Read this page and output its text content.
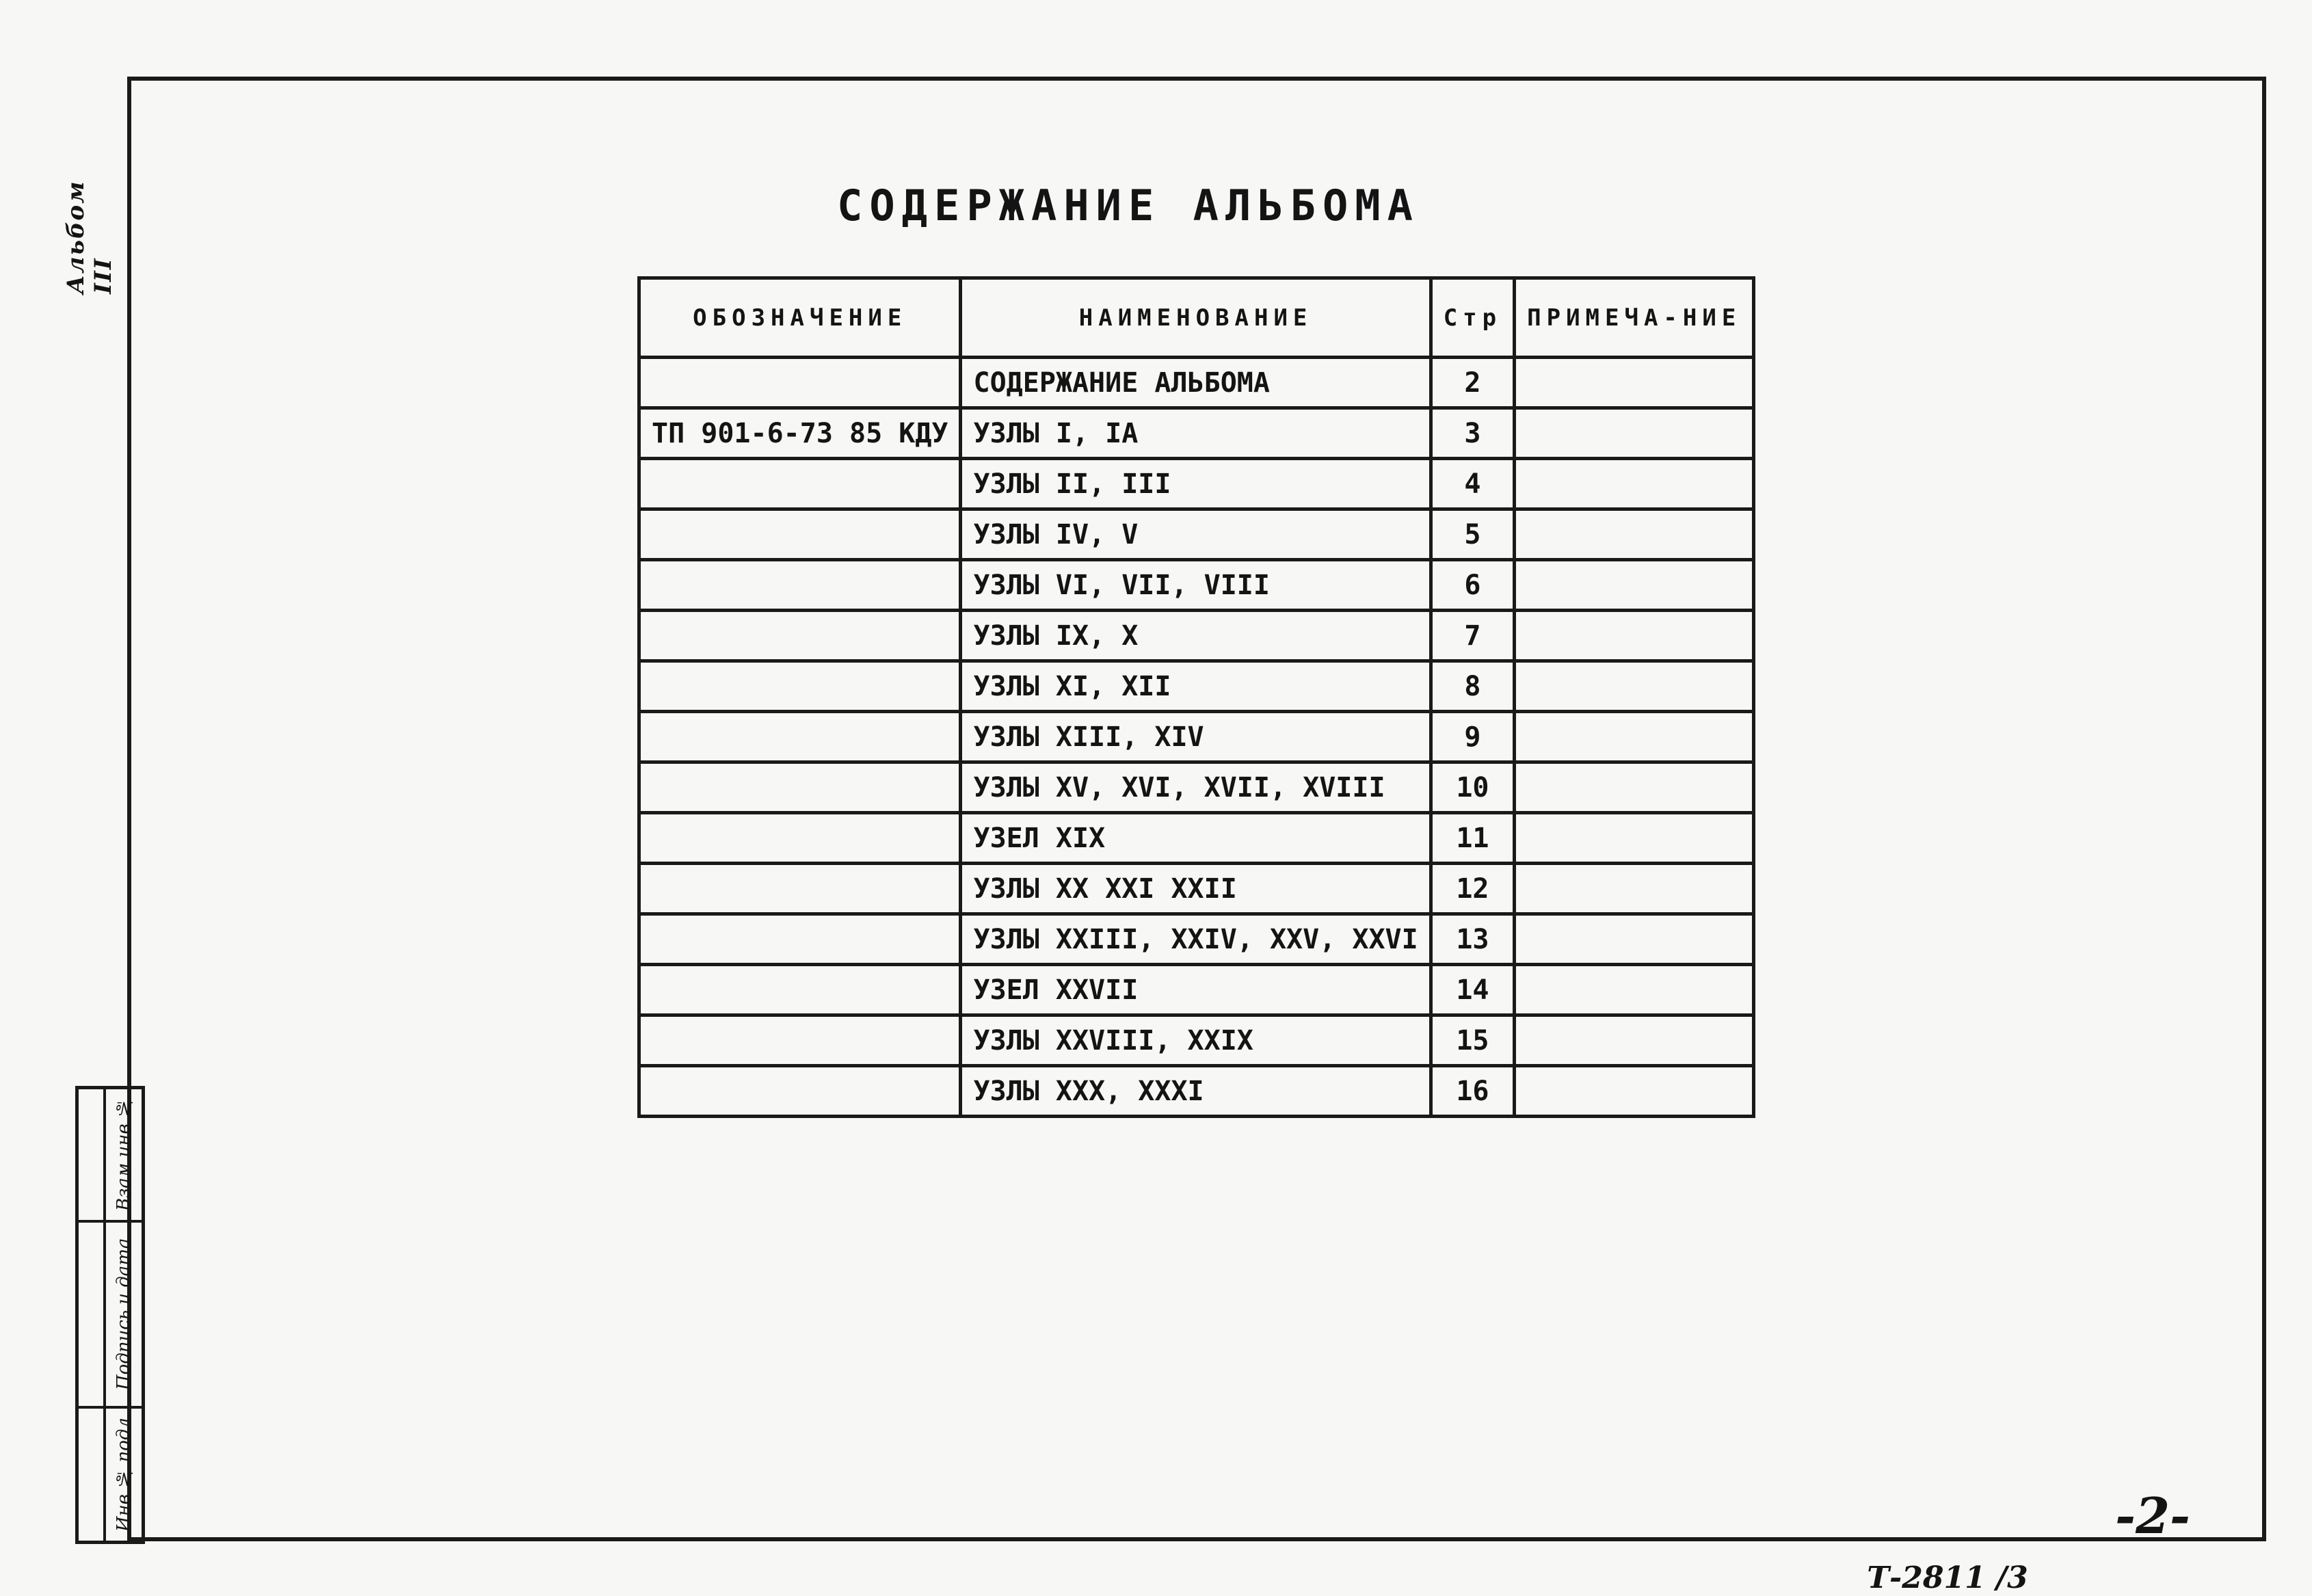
Альбом III
Взам инв №
Подпись и дата
Инв № подл
СОДЕРЖАНИЕ АЛЬБОМА
ОБОЗНАЧЕНИЕ	НАИМЕНОВАНИЕ	Стр	ПРИМЕЧА-НИЕ
	СОДЕРЖАНИЕ АЛЬБОМА	2	
ТП 901-6-73 85 КДУ	УЗЛЫ I, IА	3	
	УЗЛЫ II, III	4	
	УЗЛЫ IV, V	5	
	УЗЛЫ VI, VII, VIII	6	
	УЗЛЫ IX, X	7	
	УЗЛЫ XI, XII	8	
	УЗЛЫ XIII, XIV	9	
	УЗЛЫ XV, XVI, XVII, XVIII	10	
	УЗЕЛ XIX	11	
	УЗЛЫ XX XXI XXII	12	
	УЗЛЫ XXIII, XXIV, XXV, XXVI	13	
	УЗЕЛ XXVII	14	
	УЗЛЫ XXVIII, XXIX	15	
	УЗЛЫ XXX, XXXI	16	
-2-
Т-2811 /3
